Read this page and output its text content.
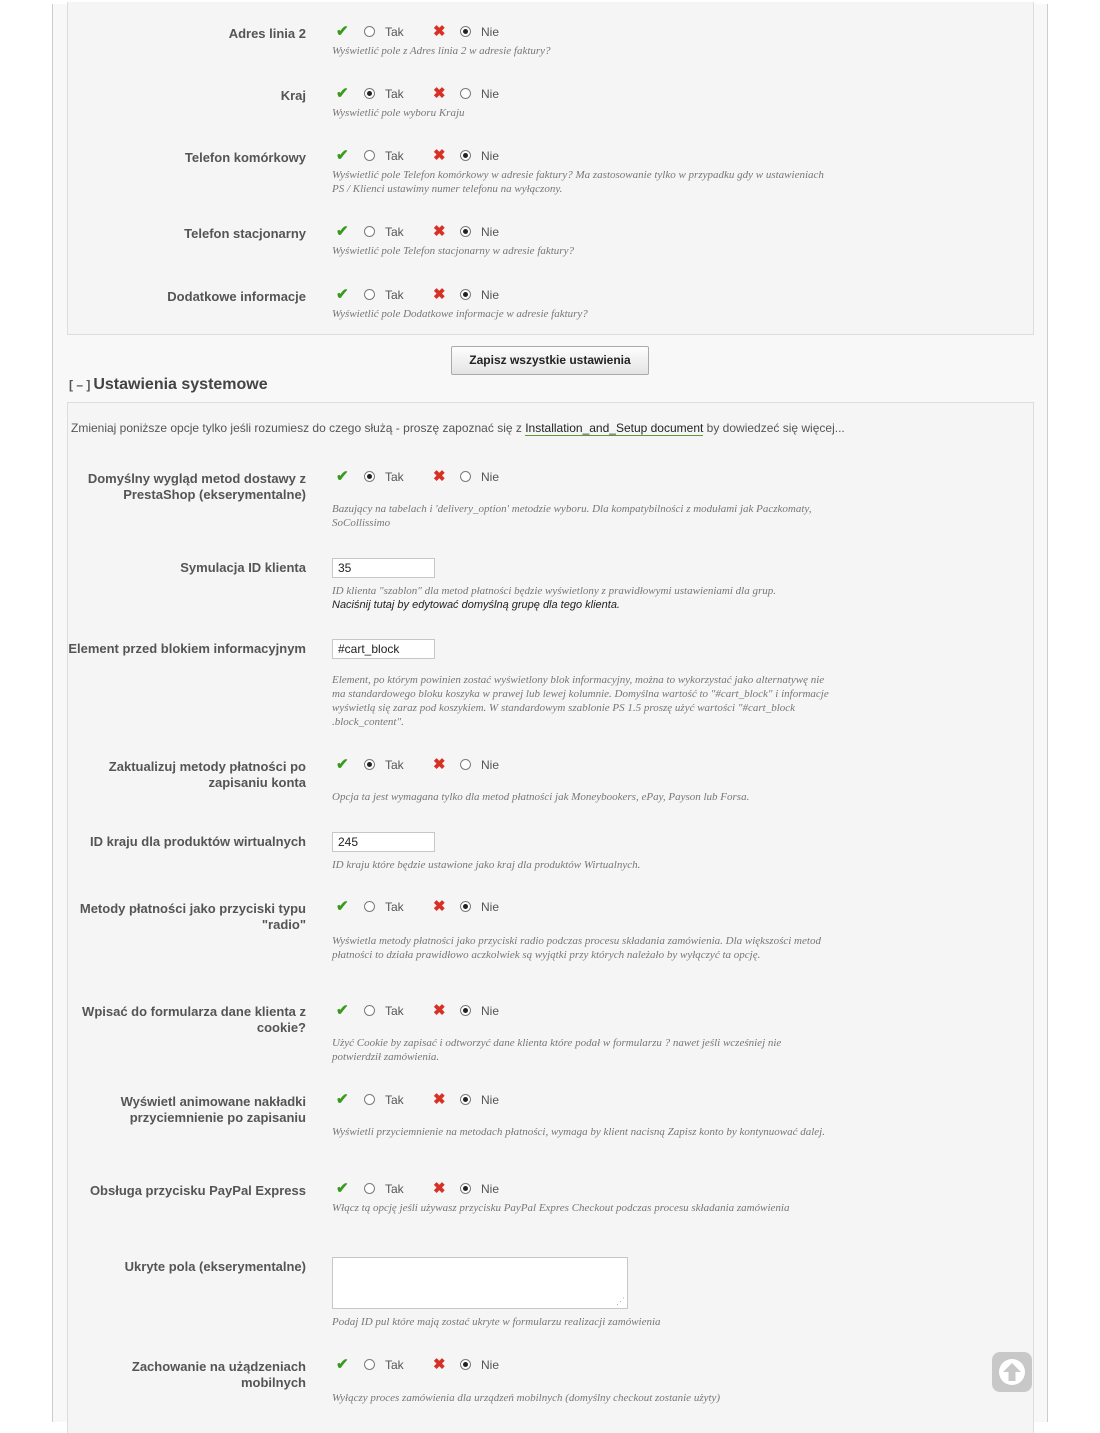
Adres linia 2 ✔	Tak ✖	Nie
Wyświetlić pole z Adres linia 2 w adresie faktury?
Kraj ✔	Tak ✖	Nie
Wyswietlić pole wyboru Kraju
Telefon komórkowy ✔	Tak ✖	Nie
Wyświetlić pole Telefon komórkowy w adresie faktury? Ma zastosowanie tylko w przypadku gdy w ustawieniach PS / Klienci ustawimy numer telefonu na wyłączony.
Telefon stacjonarny ✔	Tak ✖	Nie
Wyświetlić pole Telefon stacjonarny w adresie faktury?
Dodatkowe informacje ✔	Tak ✖	Nie
Wyświetlić pole Dodatkowe informacje w adresie faktury?
Zapisz wszystkie ustawienia
[ – ] Ustawienia systemowe
Zmieniaj poniższe opcje tylko jeśli rozumiesz do czego służą - proszę zapoznać się z Installation_and_Setup document by dowiedzeć się więcej...
Domyślny wygląd metod dostawy z PrestaShop (ekserymentalne)
✔	Tak ✖	Nie
Bazujący na tabelach i 'delivery_option' metodzie wyboru. Dla kompatybilności z modułami jak Paczkomaty, SoCollissimo
Symulacja ID klienta
35
ID klienta "szablon" dla metod płatności będzie wyświetlony z prawidłowymi ustawieniami dla grup.
Naciśnij tutaj by edytować domyślną grupę dla tego klienta.
Element przed blokiem informacyjnym
#cart_block
Element, po którym powinien zostać wyświetlony blok informacyjny, można to wykorzystać jako alternatywę nie ma standardowego bloku koszyka w prawej lub lewej kolumnie. Domyślna wartość to "#cart_block" i informacje wyświetlą się zaraz pod koszykiem. W standardowym szablonie PS 1.5 proszę użyć wartości "#cart_block .block_content".
Zaktualizuj metody płatności po zapisaniu konta
✔	Tak ✖	Nie
Opcja ta jest wymagana tylko dla metod płatności jak Moneybookers, ePay, Payson lub Forsa.
ID kraju dla produktów wirtualnych
245
ID kraju które będzie ustawione jako kraj dla produktów Wirtualnych.
Metody płatności jako przyciski typu "radio"
✔	Tak ✖	Nie
Wyświetla metody płatności jako przyciski radio podczas procesu składania zamówienia. Dla większości metod płatności to działa prawidłowo aczkolwiek są wyjątki przy których należało by wyłączyć ta opcję.
Wpisać do formularza dane klienta z cookie?
✔	Tak ✖	Nie
Użyć Cookie by zapisać i odtworzyć dane klienta które podał w formularzu ? nawet jeśli wcześniej nie potwierdził zamówienia.
Wyświetl animowane nakładki przyciemnienie po zapisaniu
✔	Tak ✖	Nie
Wyświetli przyciemnienie na metodach płatności, wymaga by klient nacisną Zapisz konto by kontynuować dalej.
Obsługa przycisku PayPal Express ✔	Tak ✖	Nie
Włącz tą opcję jeśli używasz przycisku PayPal Expres Checkout podczas procesu składania zamówienia
Ukryte pola (ekserymentalne)
⋰
Podaj ID pul które mają zostać ukryte w formularzu realizacji zamówienia
Zachowanie na użądzeniach mobilnych
✔	Tak ✖	Nie
Wyłączy proces zamówienia dla urządzeń mobilnych (domyślny checkout zostanie użyty)
